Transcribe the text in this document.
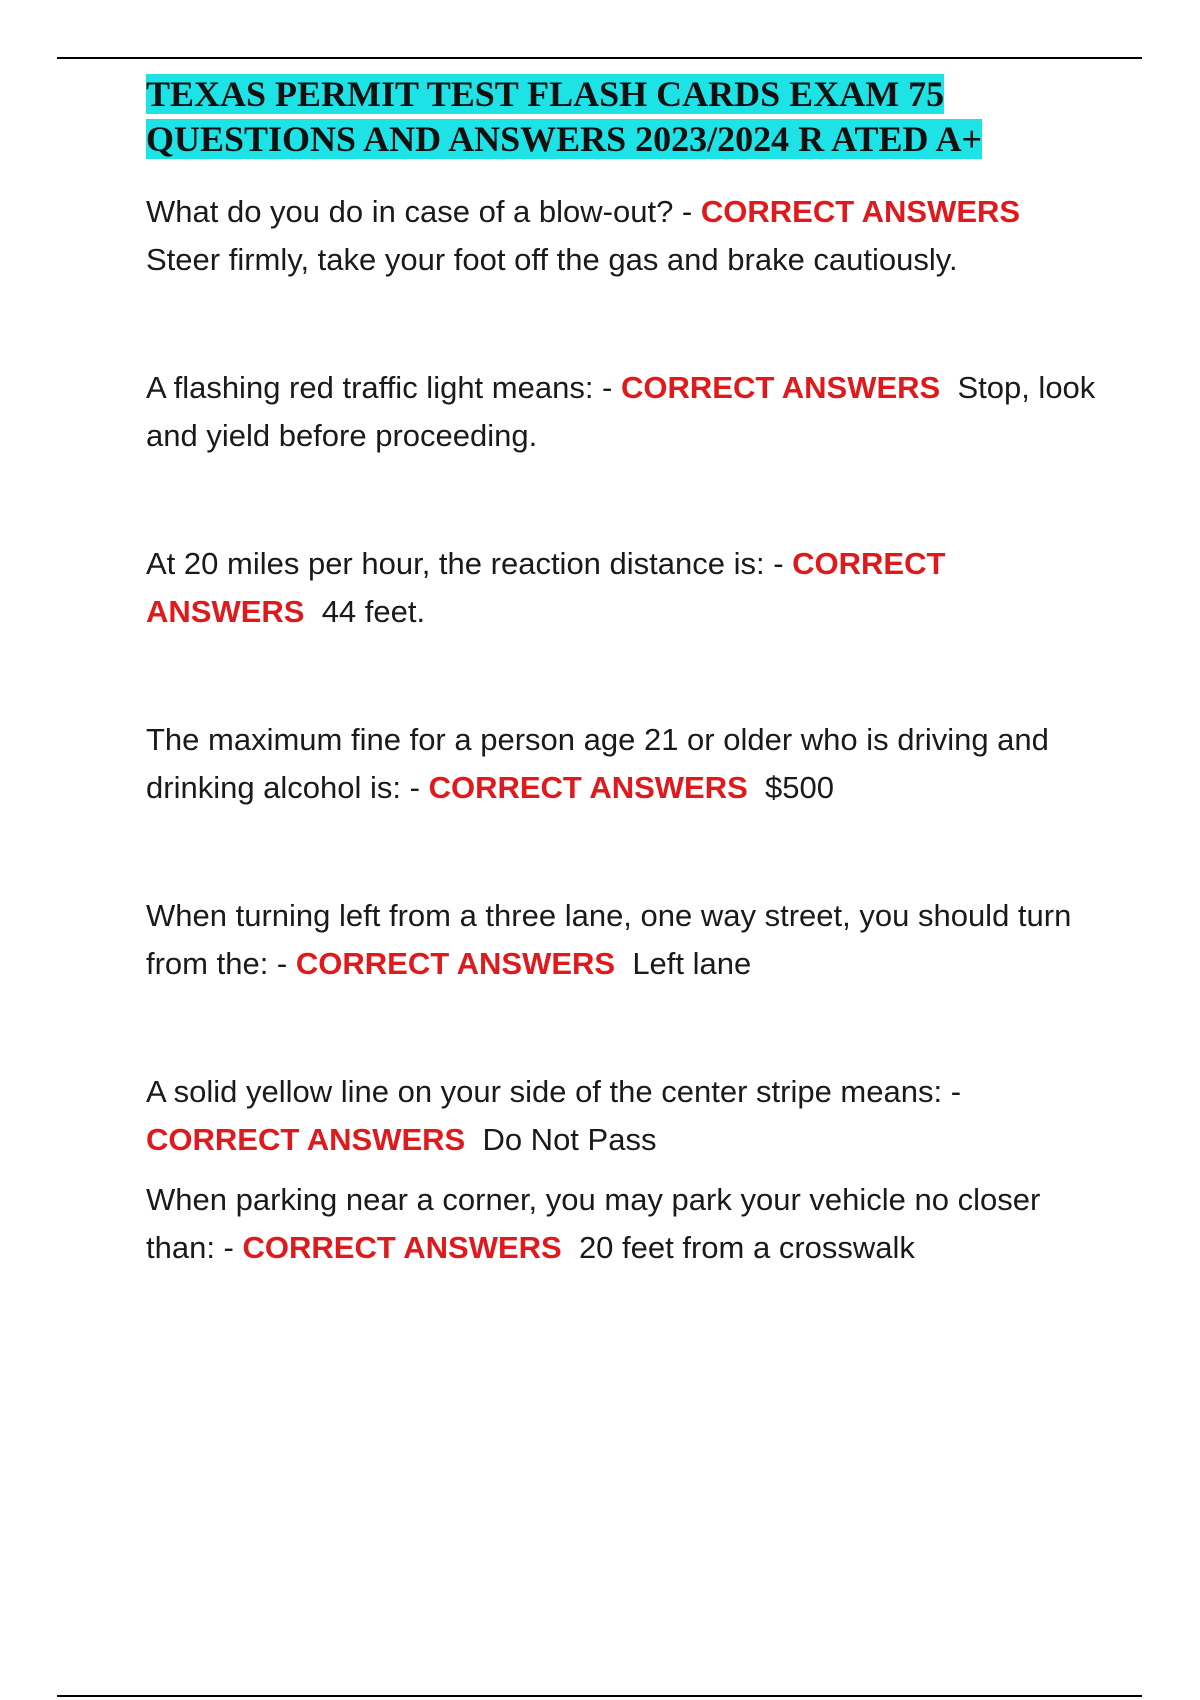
TEXAS PERMIT TEST FLASH CARDS EXAM 75
QUESTIONS AND ANSWERS 2023/2024 R ATED A+

What do you do in case of a blow-out? - CORRECT ANSWERS
Steer firmly, take your foot off the gas and brake cautiously.

A flashing red traffic light means: - CORRECT ANSWERS Stop, look and yield before proceeding.

At 20 miles per hour, the reaction distance is: - CORRECT ANSWERS 44 feet.

The maximum fine for a person age 21 or older who is driving and drinking alcohol is: - CORRECT ANSWERS $500

When turning left from a three lane, one way street, you should turn from the: - CORRECT ANSWERS Left lane

A solid yellow line on your side of the center stripe means: -
CORRECT ANSWERS Do Not Pass

When parking near a corner, you may park your vehicle no closer than: - CORRECT ANSWERS 20 feet from a crosswalk
